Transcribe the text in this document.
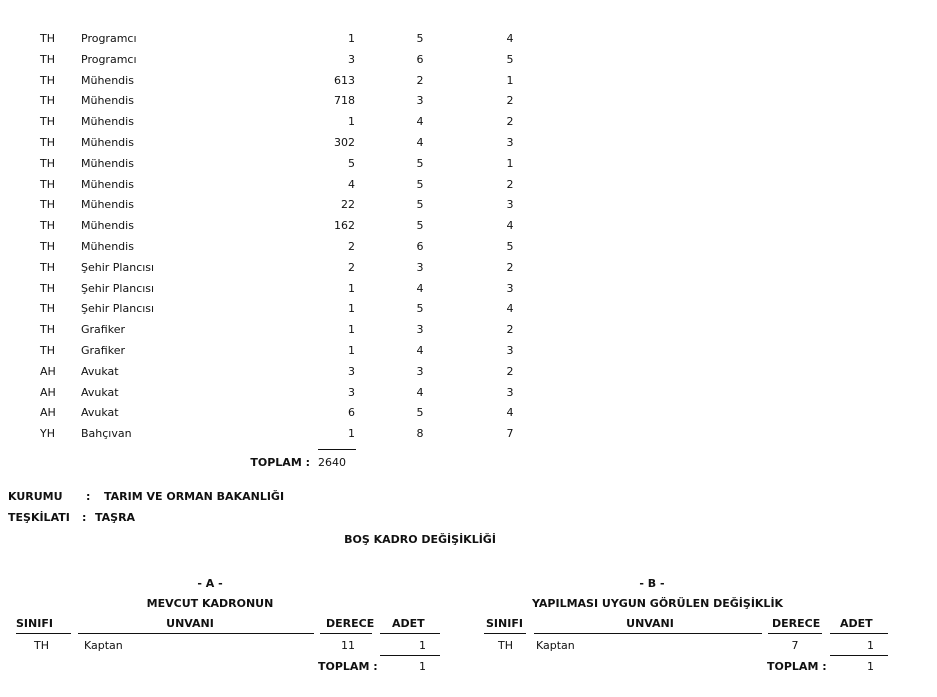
TH	Programcı	1	5	4
TH	Programcı	3	6	5
TH	Mühendis	613	2	1
TH	Mühendis	718	3	2
TH	Mühendis	1	4	2
TH	Mühendis	302	4	3
TH	Mühendis	5	5	1
TH	Mühendis	4	5	2
TH	Mühendis	22	5	3
TH	Mühendis	162	5	4
TH	Mühendis	2	6	5
TH	Şehir Plancısı	2	3	2
TH	Şehir Plancısı	1	4	3
TH	Şehir Plancısı	1	5	4
TH	Grafiker	1	3	2
TH	Grafiker	1	4	3
AH	Avukat	3	3	2
AH	Avukat	3	4	3
AH	Avukat	6	5	4
YH	Bahçıvan	1	8	7
TOPLAM : 2640
KURUMU : TARIM VE ORMAN BAKANLIĞI
TEŞKİLATI : TAŞRA
BOŞ KADRO DEĞİŞİKLİĞİ
- A -
MEVCUT KADRONUN
SINIFI	UNVANI	DERECE ADET
TH	Kaptan	11	1
TOPLAM :	1
- B -
YAPILMASI UYGUN GÖRÜLEN DEĞİŞİKLİK
SINIFI	UNVANI	DERECE ADET
TH Kaptan	7	1
TOPLAM :	1
